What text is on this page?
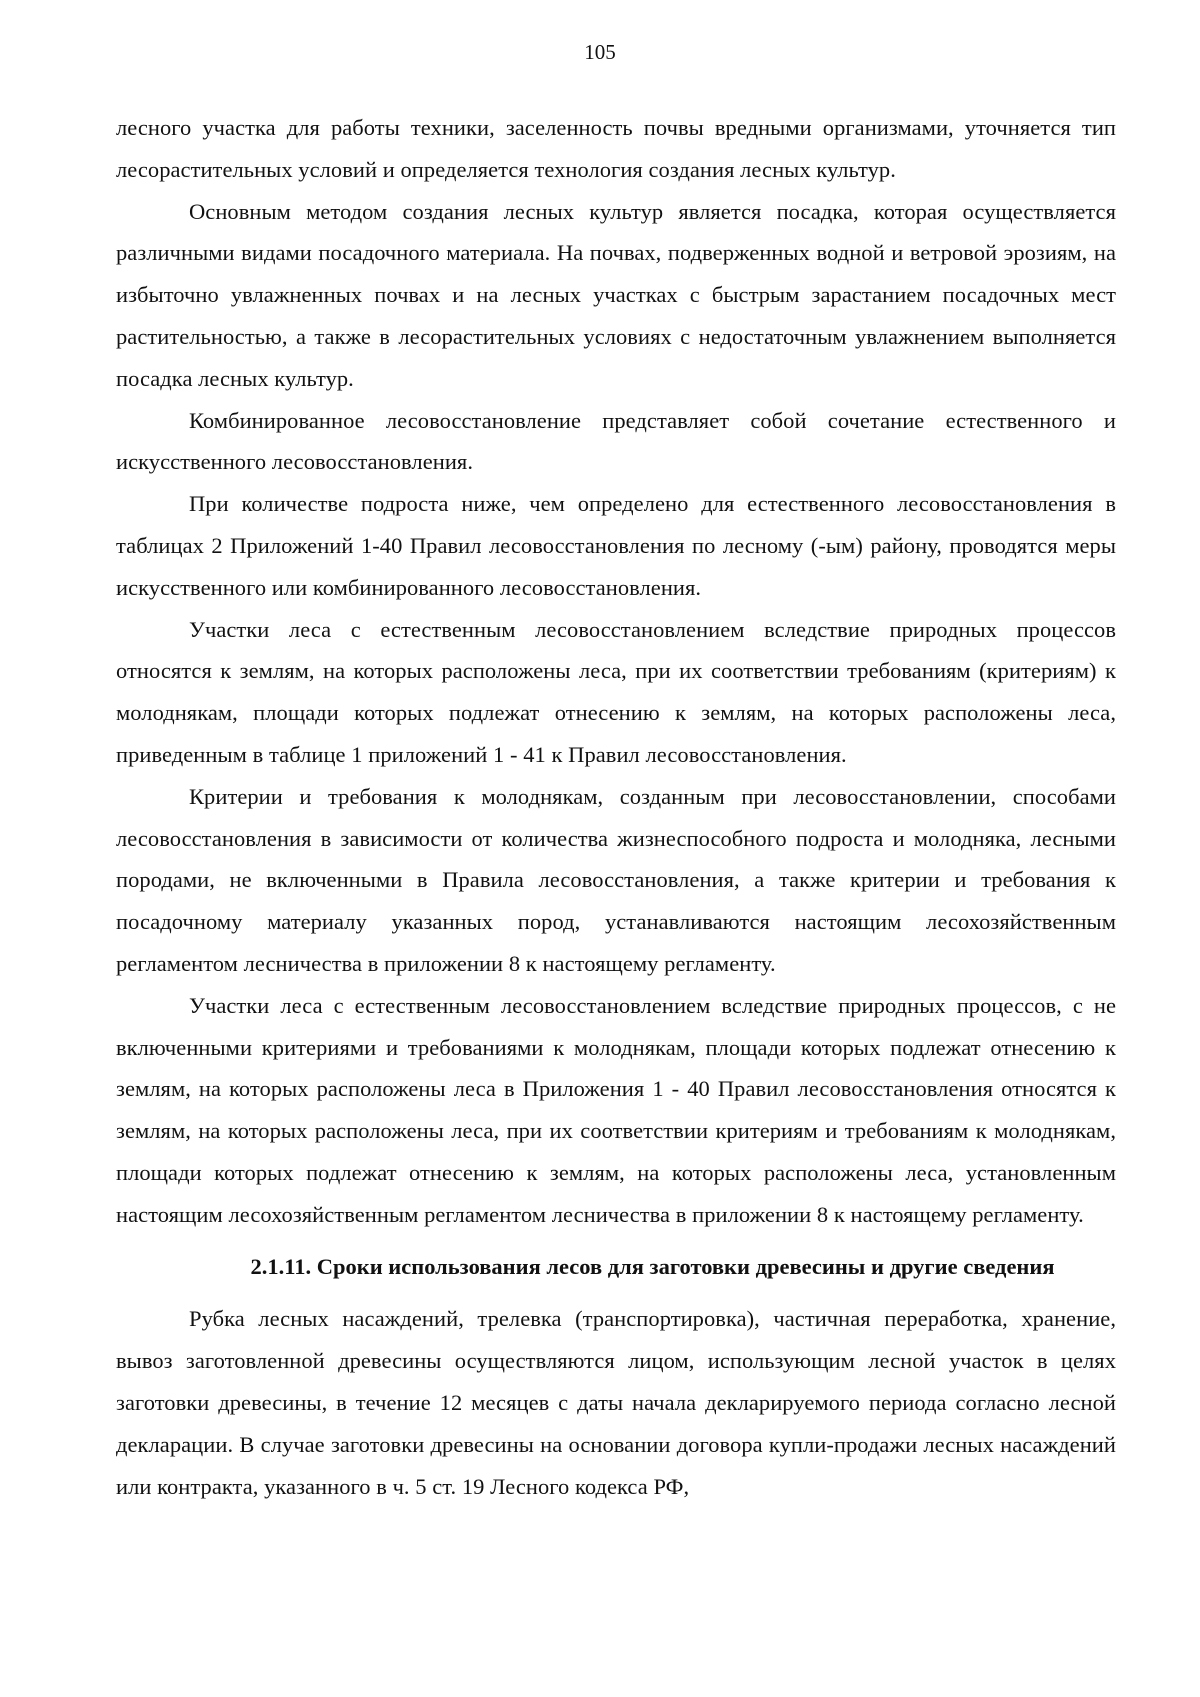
105

лесного участка для работы техники, заселенность почвы вредными организмами, уточняется тип лесорастительных условий и определяется технология создания лесных культур.

Основным методом создания лесных культур является посадка, которая осуществляется различными видами посадочного материала. На почвах, подверженных водной и ветровой эрозиям, на избыточно увлажненных почвах и на лесных участках с быстрым зарастанием посадочных мест растительностью, а также в лесорастительных условиях с недостаточным увлажнением выполняется посадка лесных культур.

Комбинированное лесовосстановление представляет собой сочетание естественного и искусственного лесовосстановления.

При количестве подроста ниже, чем определено для естественного лесовосстановления в таблицах 2 Приложений 1-40 Правил лесовосстановления по лесному (-ым) району, проводятся меры искусственного или комбинированного лесовосстановления.

Участки леса с естественным лесовосстановлением вследствие природных процессов относятся к землям, на которых расположены леса, при их соответствии требованиям (критериям) к молоднякам, площади которых подлежат отнесению к землям, на которых расположены леса, приведенным в таблице 1 приложений 1 - 41 к Правил лесовосстановления.

Критерии и требования к молоднякам, созданным при лесовосстановлении, способами лесовосстановления в зависимости от количества жизнеспособного подроста и молодняка, лесными породами, не включенными в Правила лесовосстановления, а также критерии и требования к посадочному материалу указанных пород, устанавливаются настоящим лесохозяйственным регламентом лесничества в приложении 8 к настоящему регламенту.

Участки леса с естественным лесовосстановлением вследствие природных процессов, с не включенными критериями и требованиями к молоднякам, площади которых подлежат отнесению к землям, на которых расположены леса в Приложения 1 - 40 Правил лесовосстановления относятся к землям, на которых расположены леса, при их соответствии критериям и требованиям к молоднякам, площади которых подлежат отнесению к землям, на которых расположены леса, установленным настоящим лесохозяйственным регламентом лесничества в приложении 8 к настоящему регламенту.

2.1.11. Сроки использования лесов для заготовки древесины и другие сведения

Рубка лесных насаждений, трелевка (транспортировка), частичная переработка, хранение, вывоз заготовленной древесины осуществляются лицом, использующим лесной участок в целях заготовки древесины, в течение 12 месяцев с даты начала декларируемого периода согласно лесной декларации. В случае заготовки древесины на основании договора купли-продажи лесных насаждений или контракта, указанного в ч. 5 ст. 19 Лесного кодекса РФ,
